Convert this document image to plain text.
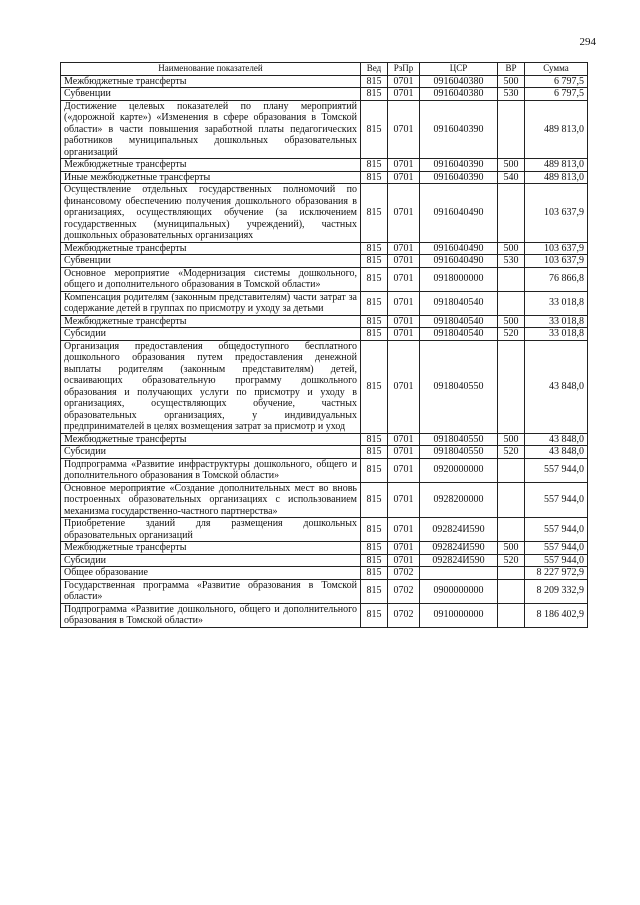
294
Наименование показателей	Вед	РзПр	ЦСР	ВР	Сумма
Межбюджетные трансферты	815	0701	0916040380	500	6 797,5
Субвенции	815	0701	0916040380	530	6 797,5
Достижение целевых показателей по плану мероприятий («дорожной карте») «Изменения в сфере образования в Томской области» в части повышения заработной платы педагогических работников муниципальных дошкольных образовательных организаций	815	0701	0916040390		489 813,0
Межбюджетные трансферты	815	0701	0916040390	500	489 813,0
Иные межбюджетные трансферты	815	0701	0916040390	540	489 813,0
Осуществление отдельных государственных полномочий по финансовому обеспечению получения дошкольного образования в организациях, осуществляющих обучение (за исключением государственных (муниципальных) учреждений), частных дошкольных образовательных организациях	815	0701	0916040490		103 637,9
Межбюджетные трансферты	815	0701	0916040490	500	103 637,9
Субвенции	815	0701	0916040490	530	103 637,9
Основное мероприятие «Модернизация системы дошкольного, общего и дополнительного образования в Томской области»	815	0701	0918000000		76 866,8
Компенсация родителям (законным представителям) части затрат за содержание детей в группах по присмотру и уходу за детьми	815	0701	0918040540		33 018,8
Межбюджетные трансферты	815	0701	0918040540	500	33 018,8
Субсидии	815	0701	0918040540	520	33 018,8
Организация предоставления общедоступного бесплатного дошкольного образования путем предоставления денежной выплаты родителям (законным представителям) детей, осваивающих образовательную программу дошкольного образования и получающих услуги по присмотру и уходу в организациях, осуществляющих обучение, частных образовательных организациях, у индивидуальных предпринимателей в целях возмещения затрат за присмотр и уход	815	0701	0918040550		43 848,0
Межбюджетные трансферты	815	0701	0918040550	500	43 848,0
Субсидии	815	0701	0918040550	520	43 848,0
Подпрограмма «Развитие инфраструктуры дошкольного, общего и дополнительного образования в Томской области»	815	0701	0920000000		557 944,0
Основное мероприятие «Создание дополнительных мест во вновь построенных образовательных организациях с использованием механизма государственно-частного партнерства»	815	0701	0928200000		557 944,0
Приобретение зданий для размещения дошкольных образовательных организаций	815	0701	092824И590		557 944,0
Межбюджетные трансферты	815	0701	092824И590	500	557 944,0
Субсидии	815	0701	092824И590	520	557 944,0
Общее образование	815	0702			8 227 972,9
Государственная программа «Развитие образования в Томской области»	815	0702	0900000000		8 209 332,9
Подпрограмма «Развитие дошкольного, общего и дополнительного образования в Томской области»	815	0702	0910000000		8 186 402,9
